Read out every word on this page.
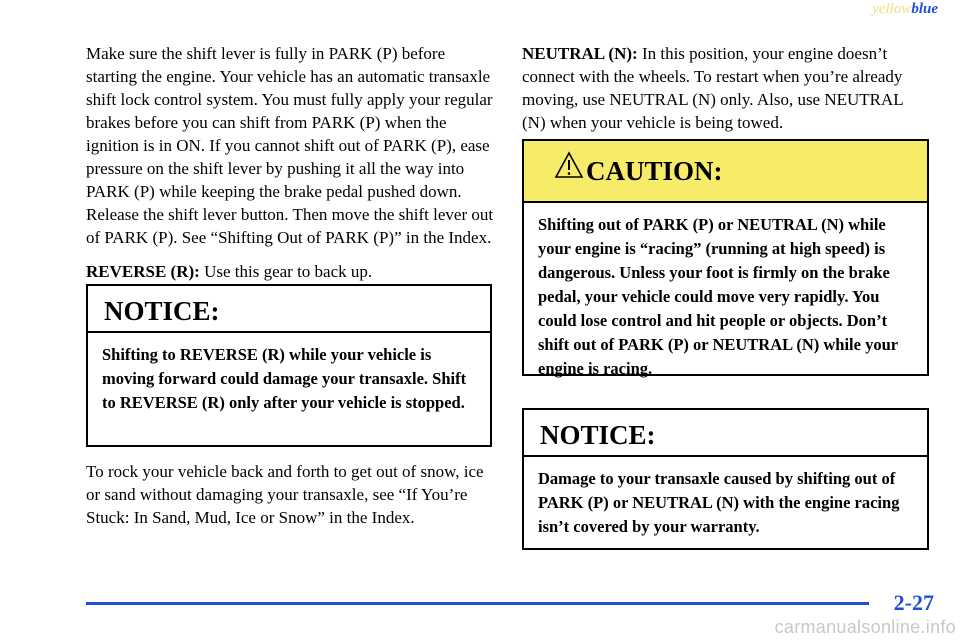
yellowblue

Make sure the shift lever is fully in PARK (P) before starting the engine. Your vehicle has an automatic transaxle shift lock control system. You must fully apply your regular brakes before you can shift from PARK (P) when the ignition is in ON. If you cannot shift out of PARK (P), ease pressure on the shift lever by pushing it all the way into PARK (P) while keeping the brake pedal pushed down. Release the shift lever button. Then move the shift lever out of PARK (P). See “Shifting Out of PARK (P)” in the Index.

REVERSE (R): Use this gear to back up.

NOTICE:
Shifting to REVERSE (R) while your vehicle is moving forward could damage your transaxle. Shift to REVERSE (R) only after your vehicle is stopped.

To rock your vehicle back and forth to get out of snow, ice or sand without damaging your transaxle, see “If You’re Stuck: In Sand, Mud, Ice or Snow” in the Index.

NEUTRAL (N): In this position, your engine doesn’t connect with the wheels. To restart when you’re already moving, use NEUTRAL (N) only. Also, use NEUTRAL (N) when your vehicle is being towed.

CAUTION:
Shifting out of PARK (P) or NEUTRAL (N) while your engine is “racing” (running at high speed) is dangerous. Unless your foot is firmly on the brake pedal, your vehicle could move very rapidly. You could lose control and hit people or objects. Don’t shift out of PARK (P) or NEUTRAL (N) while your engine is racing.
NOTICE:
Damage to your transaxle caused by shifting out of PARK (P) or NEUTRAL (N) with the engine racing isn’t covered by your warranty.
2-27
carmanualsonline.info
